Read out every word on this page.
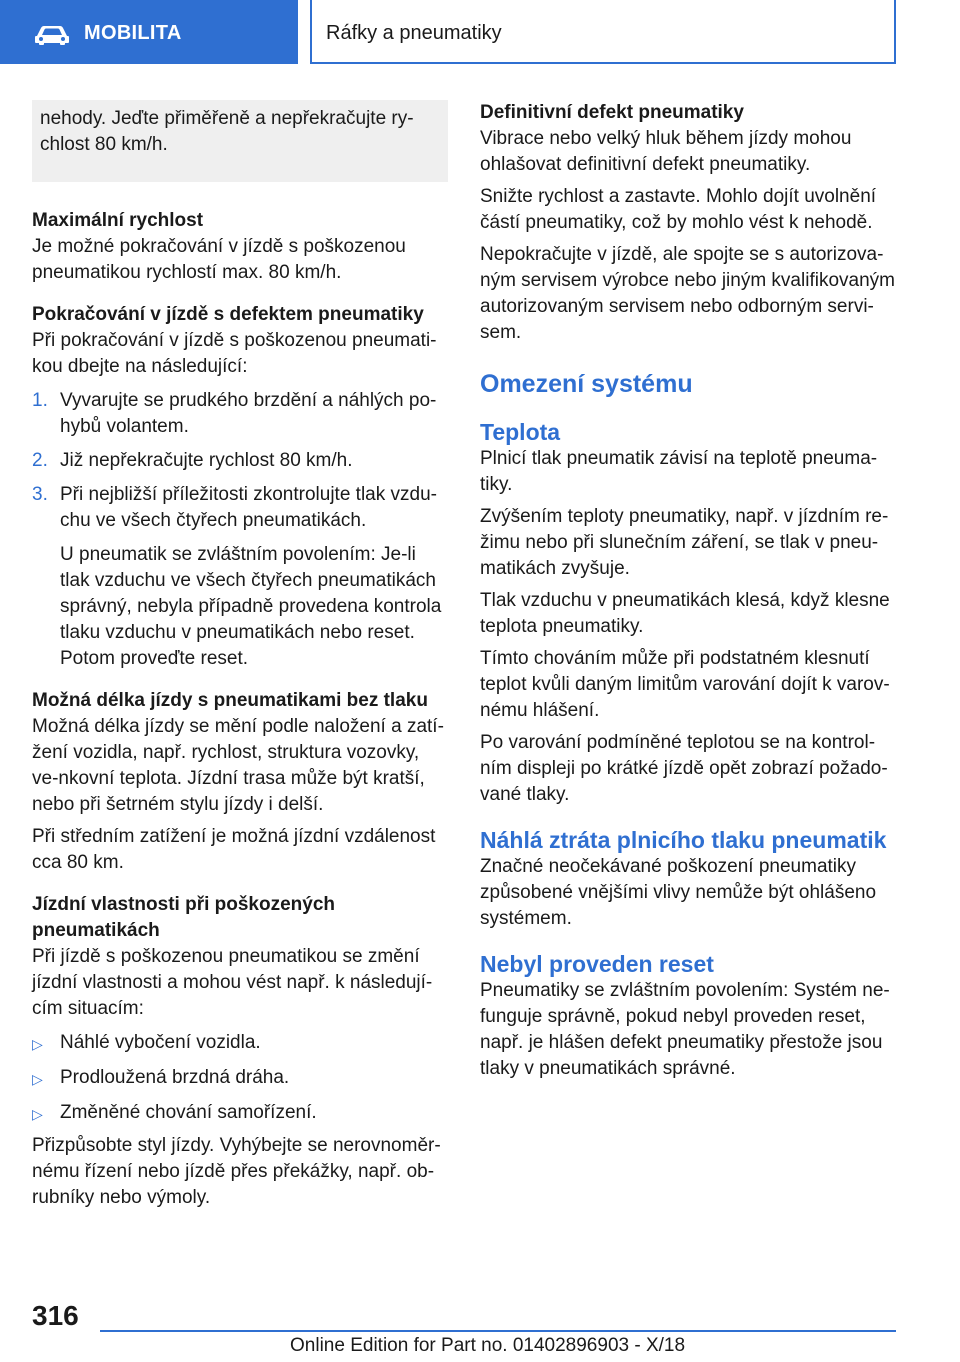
MOBILITA	Ráfky a pneumatiky
nehody. Jeďte přiměřeně a nepřekračujte ry‐chlost 80 km/h.
Maximální rychlost
Je možné pokračování v jízdě s poškozenou pneumatikou rychlostí max. 80 km/h.
Pokračování v jízdě s defektem pneumatiky
Při pokračování v jízdě s poškozenou pneumati‐kou dbejte na následující:
1. Vyvarujte se prudkého brzdění a náhlých po‐hybů volantem.
2. Již nepřekračujte rychlost 80 km/h.
3. Při nejbližší příležitosti zkontrolujte tlak vzdu‐chu ve všech čtyřech pneumatikách.
U pneumatik se zvláštním povolením: Je-li tlak vzduchu ve všech čtyřech pneumatikách správný, nebyla případně provedena kontrola tlaku vzduchu v pneumatikách nebo reset. Potom proveďte reset.
Možná délka jízdy s pneumatikami bez tlaku
Možná délka jízdy se mění podle naložení a zatí‐žení vozidla, např. rychlost, struktura vozovky, ve‐nkovní teplota. Jízdní trasa může být kratší, nebo při šetrném stylu jízdy i delší.
Při středním zatížení je možná jízdní vzdálenost cca 80 km.
Jízdní vlastnosti při poškozených pneumatikách
Při jízdě s poškozenou pneumatikou se změní jízdní vlastnosti a mohou vést např. k následují‐cím situacím:
▷ Náhlé vybočení vozidla.
▷ Prodloužená brzdná dráha.
▷ Změněné chování samořízení.
Přizpůsobte styl jízdy. Vyhýbejte se nerovnoměr‐nému řízení nebo jízdě přes překážky, např. ob‐rubníky nebo výmoly.
Definitivní defekt pneumatiky
Vibrace nebo velký hluk během jízdy mohou ohlašovat definitivní defekt pneumatiky.
Snižte rychlost a zastavte. Mohlo dojít uvolnění částí pneumatiky, což by mohlo vést k nehodě.
Nepokračujte v jízdě, ale spojte se s autorizova‐ným servisem výrobce nebo jiným kvalifikovaným autorizovaným servisem nebo odborným servi‐sem.
Omezení systému
Teplota
Plnicí tlak pneumatik závisí na teplotě pneuma‐tiky.
Zvýšením teploty pneumatiky, např. v jízdním re‐žimu nebo při slunečním záření, se tlak v pneu‐matikách zvyšuje.
Tlak vzduchu v pneumatikách klesá, když klesne teplota pneumatiky.
Tímto chováním může při podstatném klesnutí teplot kvůli daným limitům varování dojít k varov‐nému hlášení.
Po varování podmíněné teplotou se na kontrol‐ním displeji po krátké jízdě opět zobrazí požado‐vané tlaky.
Náhlá ztráta plnicího tlaku pneumatik
Značné neočekávané poškození pneumatiky způsobené vnějšími vlivy nemůže být ohlášeno systémem.
Nebyl proveden reset
Pneumatiky se zvláštním povolením: Systém ne‐funguje správně, pokud nebyl proveden reset, např. je hlášen defekt pneumatiky přestože jsou tlaky v pneumatikách správné.
316
Online Edition for Part no. 01402896903 - X/18
